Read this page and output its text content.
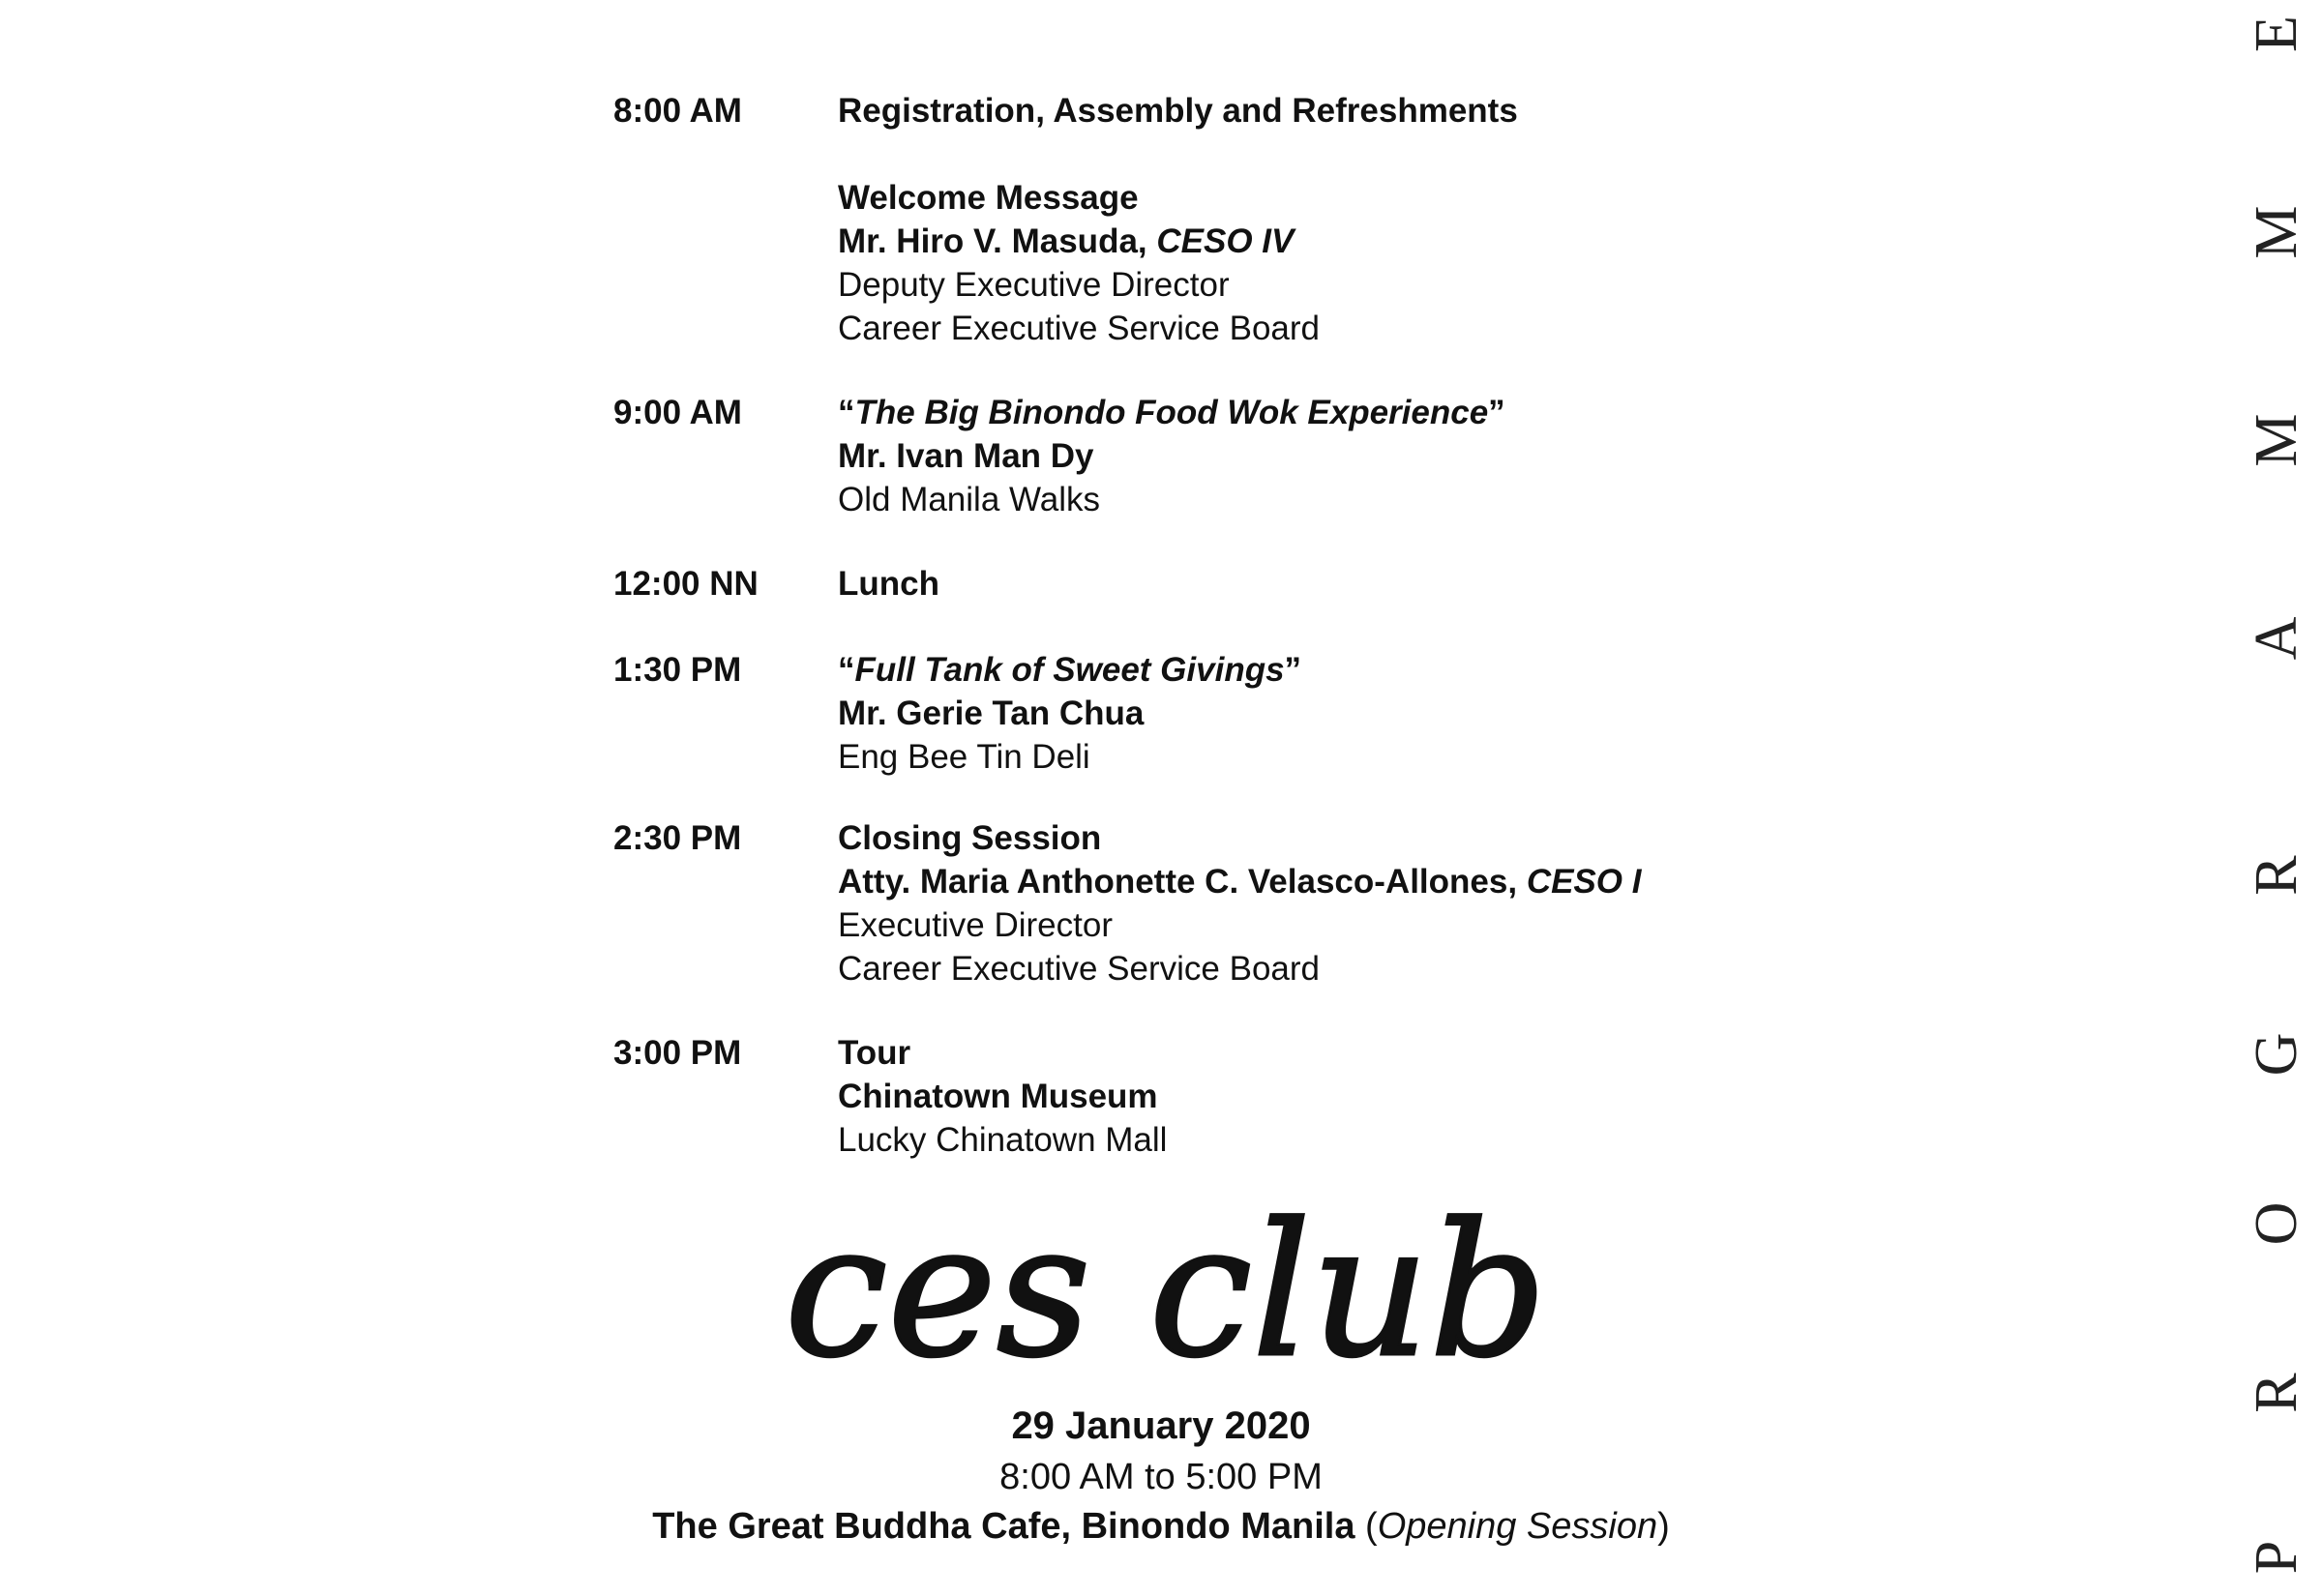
8:00 AM	Registration, Assembly and Refreshments
Welcome Message
Mr. Hiro V. Masuda, CESO IV
Deputy Executive Director
Career Executive Service Board
9:00 AM	“The Big Binondo Food Wok Experience”
Mr. Ivan Man Dy
Old Manila Walks
12:00 NN Lunch
1:30 PM	“Full Tank of Sweet Givings”
Mr. Gerie Tan Chua
Eng Bee Tin Deli
2:30 PM	Closing Session
Atty. Maria Anthonette C. Velasco-Allones, CESO I
Executive Director
Career Executive Service Board
3:00 PM	Tour
Chinatown Museum
Lucky Chinatown Mall
ces club
29 January 2020
8:00 AM to 5:00 PM
The Great Buddha Cafe, Binondo Manila (Opening Session)
P
R
O
G
R
A
M
M
E
